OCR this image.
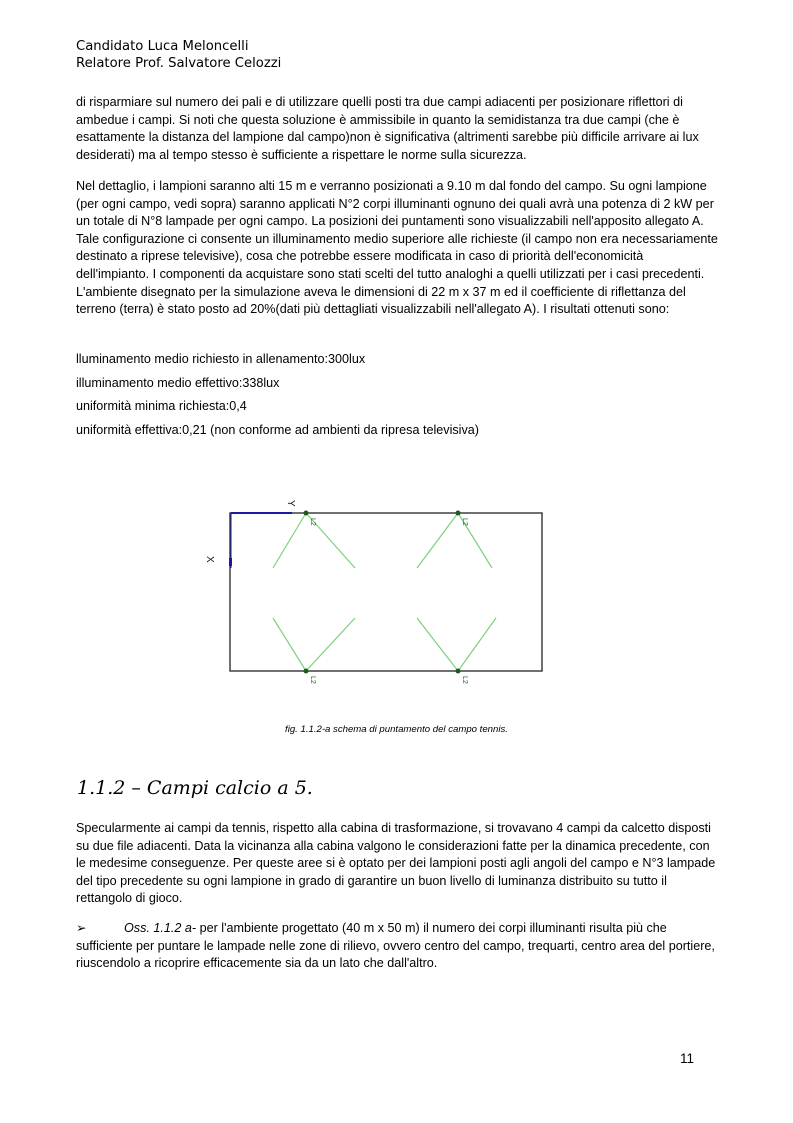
Candidato Luca Meloncelli
Relatore Prof. Salvatore Celozzi

di risparmiare sul numero dei pali e di utilizzare quelli posti tra due campi adiacenti per posizionare riflettori di ambedue i campi. Si noti che questa soluzione è ammissibile in quanto la semidistanza tra due campi (che è esattamente la distanza del lampione dal campo)non è significativa (altrimenti sarebbe più difficile arrivare ai lux desiderati) ma al tempo stesso è sufficiente a rispettare le norme sulla sicurezza.

Nel dettaglio, i lampioni saranno alti 15 m e verranno posizionati a 9.10 m dal fondo del campo. Su ogni lampione (per ogni campo, vedi sopra) saranno applicati N°2 corpi illuminanti ognuno dei quali avrà una potenza di 2 kW per un totale di N°8 lampade per ogni campo. La posizioni dei puntamenti sono visualizzabili nell'apposito allegato A. Tale configurazione ci consente un illuminamento medio superiore alle richieste (il campo non era necessariamente destinato a riprese televisive), cosa che potrebbe essere modificata in caso di priorità dell'economicità dell'impianto. I componenti da acquistare sono stati scelti del tutto analoghi a quelli utilizzati per i casi precedenti. L'ambiente disegnato per la simulazione aveva le dimensioni di 22 m x 37 m ed il coefficiente di riflettanza del terreno (terra) è stato posto ad 20%(dati più dettagliati visualizzabili nell'allegato A). I risultati ottenuti sono:

lluminamento medio richiesto in allenamento:300lux
illuminamento medio effettivo:338lux
uniformità minima richiesta:0,4
uniformità effettiva:0,21 (non conforme ad ambienti da ripresa televisiva)
Y
X
L2	L2
L2	L2
fig. 1.1.2-a schema di puntamento del campo tennis.
1.1.2 – Campi calcio a 5.

Specularmente ai campi da tennis, rispetto alla cabina di trasformazione, si trovavano 4 campi da calcetto disposti su due file adiacenti. Data la vicinanza alla cabina valgono le considerazioni fatte per la dinamica precedente, con le medesime conseguenze. Per queste aree si è optato per dei lampioni posti agli angoli del campo e N°3 lampade del tipo precedente su ogni lampione in grado di garantire un buon livello di luminanza distribuito su tutto il rettangolo di gioco.

➢	Oss. 1.1.2 a- per l'ambiente progettato (40 m x 50 m) il numero dei corpi illuminanti risulta più che sufficiente per puntare le lampade nelle zone di rilievo, ovvero centro del campo, trequarti, centro area del portiere, riuscendolo a ricoprire efficacemente sia da un lato che dall'altro.
11
